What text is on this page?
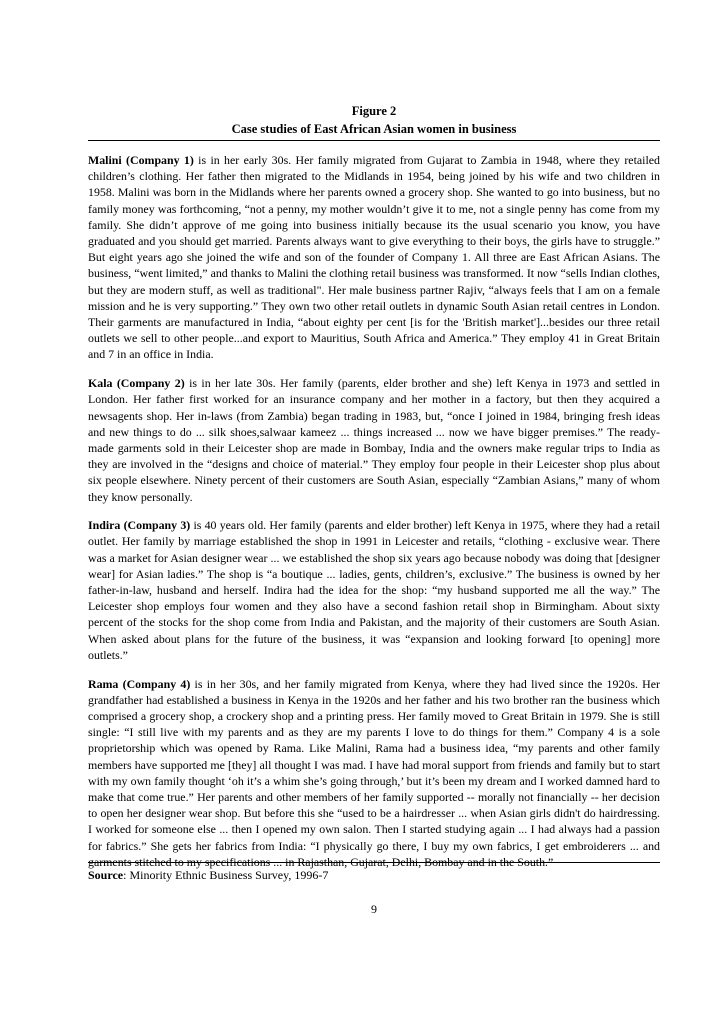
Figure 2
Case studies of East African Asian women in business

Malini (Company 1) is in her early 30s. Her family migrated from Gujarat to Zambia in 1948, where they retailed children’s clothing. Her father then migrated to the Midlands in 1954, being joined by his wife and two children in 1958. Malini was born in the Midlands where her parents owned a grocery shop. She wanted to go into business, but no family money was forthcoming, “not a penny, my mother wouldn’t give it to me, not a single penny has come from my family. She didn’t approve of me going into business initially because its the usual scenario you know, you have graduated and you should get married. Parents always want to give everything to their boys, the girls have to struggle.” But eight years ago she joined the wife and son of the founder of Company 1. All three are East African Asians. The business, “went limited,” and thanks to Malini the clothing retail business was transformed. It now “sells Indian clothes, but they are modern stuff, as well as traditional". Her male business partner Rajiv, “always feels that I am on a female mission and he is very supporting.” They own two other retail outlets in dynamic South Asian retail centres in London. Their garments are manufactured in India, “about eighty per cent [is for the 'British market']...besides our three retail outlets we sell to other people...and export to Mauritius, South Africa and America.” They employ 41 in Great Britain and 7 in an office in India.

Kala (Company 2) is in her late 30s. Her family (parents, elder brother and she) left Kenya in 1973 and settled in London. Her father first worked for an insurance company and her mother in a factory, but then they acquired a newsagents shop. Her in-laws (from Zambia) began trading in 1983, but, “once I joined in 1984, bringing fresh ideas and new things to do ... silk shoes,salwaar kameez ... things increased ... now we have bigger premises.” The ready-made garments sold in their Leicester shop are made in Bombay, India and the owners make regular trips to India as they are involved in the “designs and choice of material.” They employ four people in their Leicester shop plus about six people elsewhere. Ninety percent of their customers are South Asian, especially “Zambian Asians,” many of whom they know personally.

Indira (Company 3) is 40 years old. Her family (parents and elder brother) left Kenya in 1975, where they had a retail outlet. Her family by marriage established the shop in 1991 in Leicester and retails, “clothing - exclusive wear. There was a market for Asian designer wear ... we established the shop six years ago because nobody was doing that [designer wear] for Asian ladies.” The shop is “a boutique ... ladies, gents, children’s, exclusive.” The business is owned by her father-in-law, husband and herself. Indira had the idea for the shop: “my husband supported me all the way.” The Leicester shop employs four women and they also have a second fashion retail shop in Birmingham. About sixty percent of the stocks for the shop come from India and Pakistan, and the majority of their customers are South Asian. When asked about plans for the future of the business, it was “expansion and looking forward [to opening] more outlets.”

Rama (Company 4) is in her 30s, and her family migrated from Kenya, where they had lived since the 1920s. Her grandfather had established a business in Kenya in the 1920s and her father and his two brother ran the business which comprised a grocery shop, a crockery shop and a printing press. Her family moved to Great Britain in 1979. She is still single: “I still live with my parents and as they are my parents I love to do things for them.” Company 4 is a sole proprietorship which was opened by Rama. Like Malini, Rama had a business idea, “my parents and other family members have supported me [they] all thought I was mad. I have had moral support from friends and family but to start with my own family thought ‘oh it’s a whim she’s going through,’ but it’s been my dream and I worked damned hard to make that come true.” Her parents and other members of her family supported -- morally not financially -- her decision to open her designer wear shop. But before this she “used to be a hairdresser ... when Asian girls didn't do hairdressing. I worked for someone else ... then I opened my own salon. Then I started studying again ... I had always had a passion for fabrics.” She gets her fabrics from India: “I physically go there, I buy my own fabrics, I get embroiderers ... and garments stitched to my specifications ... in Rajasthan, Gujarat, Delhi, Bombay and in the South.”

Source: Minority Ethnic Business Survey, 1996-7
9
